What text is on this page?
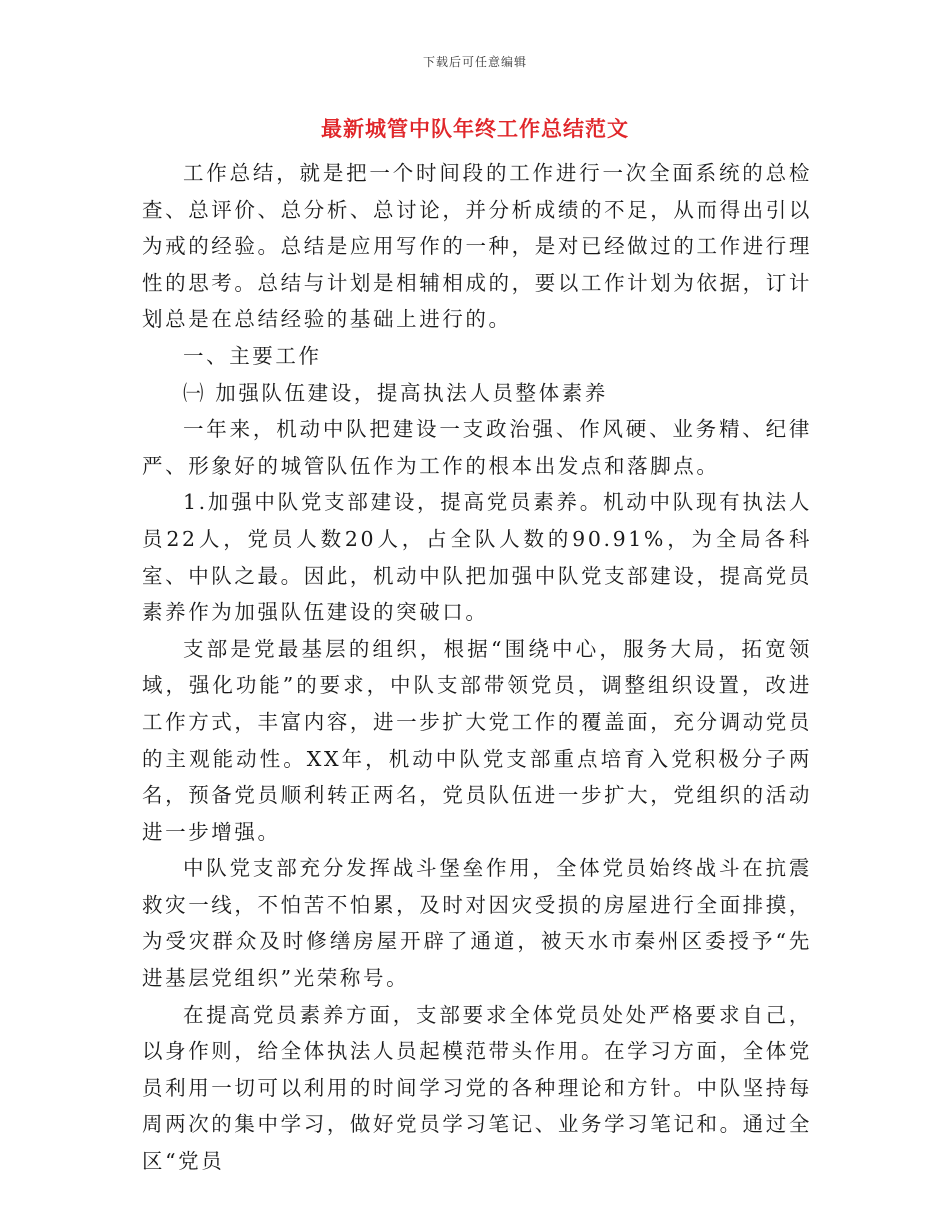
下载后可任意编辑
最新城管中队年终工作总结范文

工作总结，就是把一个时间段的工作进行一次全面系统的总检查、总评价、总分析、总讨论，并分析成绩的不足，从而得出引以为戒的经验。总结是应用写作的一种，是对已经做过的工作进行理性的思考。总结与计划是相辅相成的，要以工作计划为依据，订计划总是在总结经验的基础上进行的。

一、主要工作

㈠ 加强队伍建设，提高执法人员整体素养

一年来，机动中队把建设一支政治强、作风硬、业务精、纪律严、形象好的城管队伍作为工作的根本出发点和落脚点。

1.加强中队党支部建设，提高党员素养。机动中队现有执法人员22人，党员人数20人，占全队人数的90.91%，为全局各科室、中队之最。因此，机动中队把加强中队党支部建设，提高党员素养作为加强队伍建设的突破口。

支部是党最基层的组织，根据“围绕中心，服务大局，拓宽领域，强化功能”的要求，中队支部带领党员，调整组织设置，改进工作方式，丰富内容，进一步扩大党工作的覆盖面，充分调动党员的主观能动性。XX年，机动中队党支部重点培育入党积极分子两名，预备党员顺利转正两名，党员队伍进一步扩大，党组织的活动进一步增强。

中队党支部充分发挥战斗堡垒作用，全体党员始终战斗在抗震救灾一线，不怕苦不怕累，及时对因灾受损的房屋进行全面排摸，为受灾群众及时修缮房屋开辟了通道，被天水市秦州区委授予“先进基层党组织”光荣称号。

在提高党员素养方面，支部要求全体党员处处严格要求自己，以身作则，给全体执法人员起模范带头作用。在学习方面，全体党员利用一切可以利用的时间学习党的各种理论和方针。中队坚持每周两次的集中学习，做好党员学习笔记、业务学习笔记和。通过全区“党员
